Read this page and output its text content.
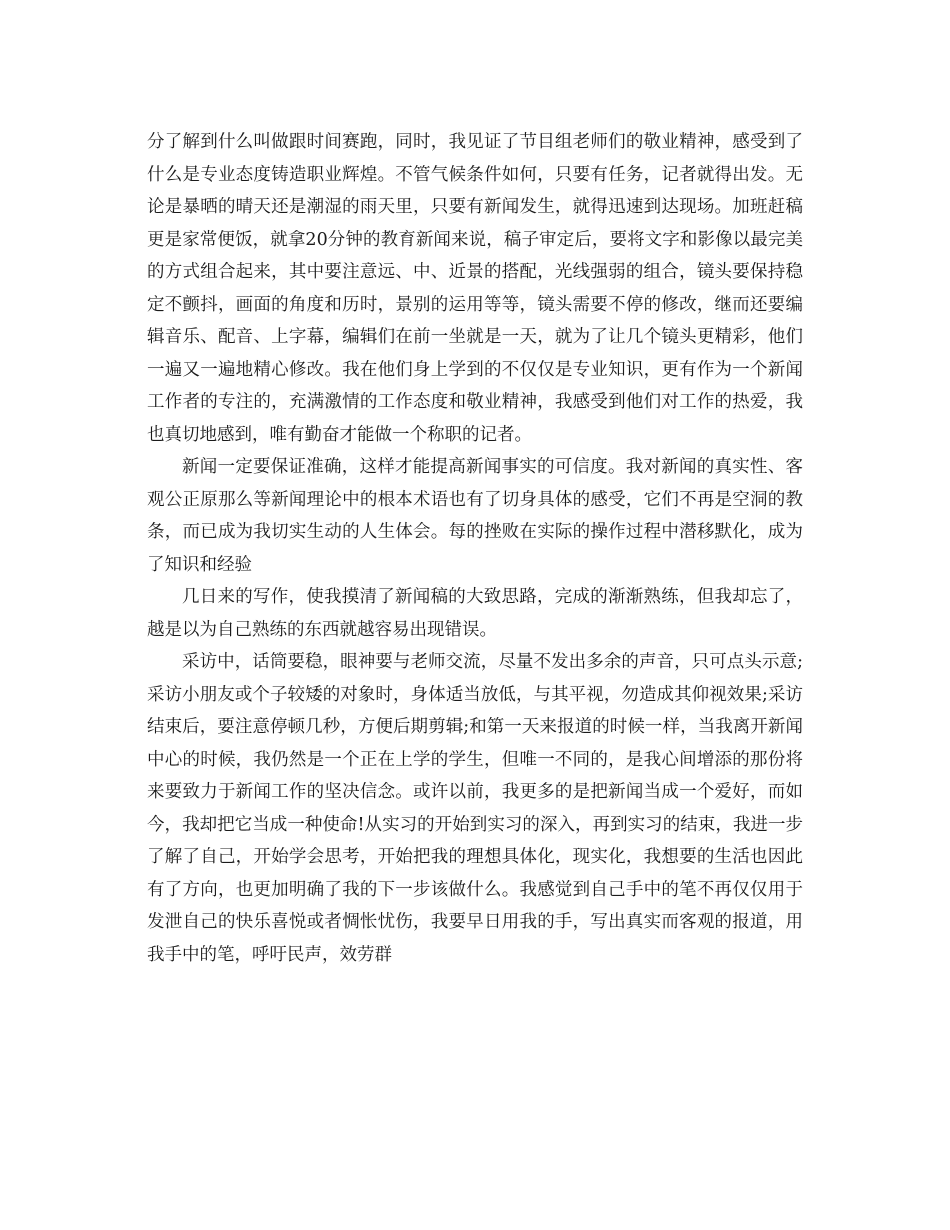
分了解到什么叫做跟时间赛跑，同时，我见证了节目组老师们的敬业精神，感受到了什么是专业态度铸造职业辉煌。不管气候条件如何，只要有任务，记者就得出发。无论是暴晒的晴天还是潮湿的雨天里，只要有新闻发生，就得迅速到达现场。加班赶稿更是家常便饭，就拿20分钟的教育新闻来说，稿子审定后，要将文字和影像以最完美的方式组合起来，其中要注意远、中、近景的搭配，光线强弱的组合，镜头要保持稳定不颤抖，画面的角度和历时，景别的运用等等，镜头需要不停的修改，继而还要编辑音乐、配音、上字幕，编辑们在前一坐就是一天，就为了让几个镜头更精彩，他们一遍又一遍地精心修改。我在他们身上学到的不仅仅是专业知识，更有作为一个新闻工作者的专注的，充满激情的工作态度和敬业精神，我感受到他们对工作的热爱，我也真切地感到，唯有勤奋才能做一个称职的记者。

新闻一定要保证准确，这样才能提高新闻事实的可信度。我对新闻的真实性、客观公正原那么等新闻理论中的根本术语也有了切身具体的感受，它们不再是空洞的教条，而已成为我切实生动的人生体会。每的挫败在实际的操作过程中潜移默化，成为了知识和经验

几日来的写作，使我摸清了新闻稿的大致思路，完成的渐渐熟练，但我却忘了，越是以为自己熟练的东西就越容易出现错误。

采访中，话筒要稳，眼神要与老师交流，尽量不发出多余的声音，只可点头示意;采访小朋友或个子较矮的对象时，身体适当放低，与其平视，勿造成其仰视效果;采访结束后，要注意停顿几秒，方便后期剪辑;和第一天来报道的时候一样，当我离开新闻中心的时候，我仍然是一个正在上学的学生，但唯一不同的，是我心间增添的那份将来要致力于新闻工作的坚决信念。或许以前，我更多的是把新闻当成一个爱好，而如今，我却把它当成一种使命!从实习的开始到实习的深入，再到实习的结束，我进一步了解了自己，开始学会思考，开始把我的理想具体化，现实化，我想要的生活也因此有了方向，也更加明确了我的下一步该做什么。我感觉到自己手中的笔不再仅仅用于发泄自己的快乐喜悦或者惆怅忧伤，我要早日用我的手，写出真实而客观的报道，用我手中的笔，呼吁民声，效劳群
